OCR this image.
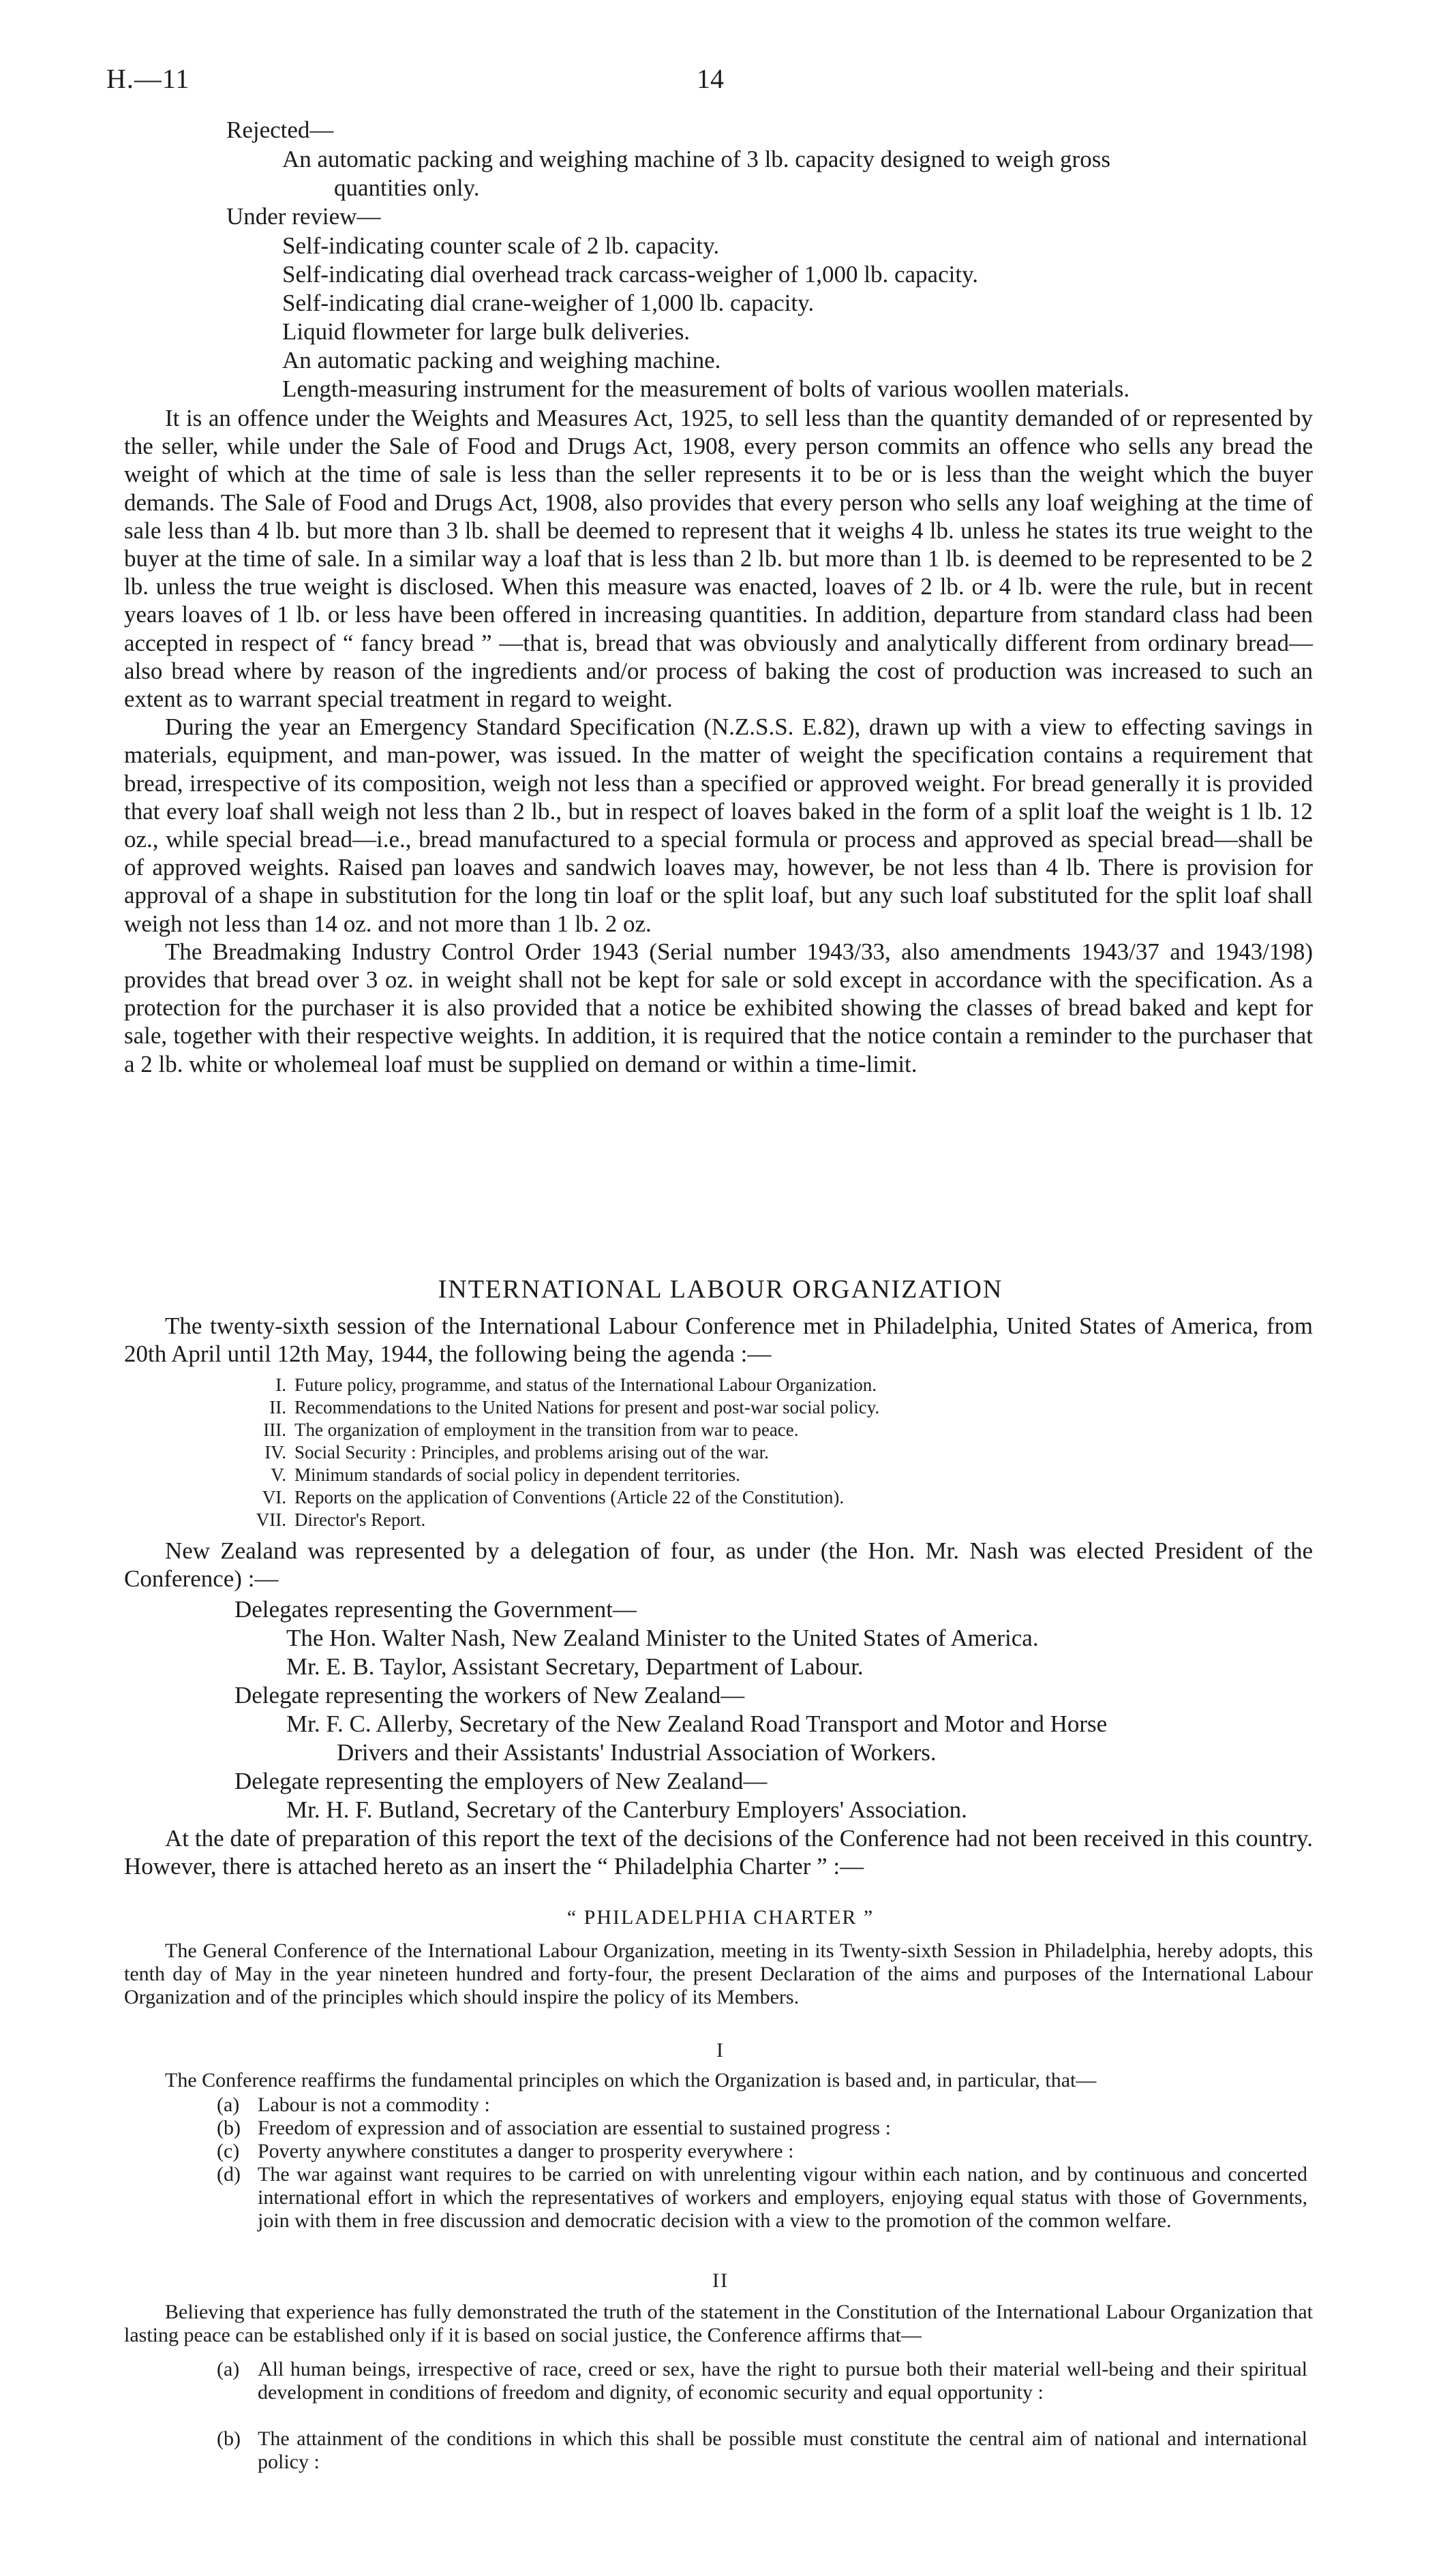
H.—11	14
Rejected—
An automatic packing and weighing machine of 3 lb. capacity designed to weigh gross
quantities only.
Under review—
Self-indicating counter scale of 2 lb. capacity.
Self-indicating dial overhead track carcass-weigher of 1,000 lb. capacity.
Self-indicating dial crane-weigher of 1,000 lb. capacity.
Liquid flowmeter for large bulk deliveries.
An automatic packing and weighing machine.
Length-measuring instrument for the measurement of bolts of various woollen materials.

It is an offence under the Weights and Measures Act, 1925, to sell less than the quantity demanded of or represented by the seller, while under the Sale of Food and Drugs Act, 1908, every person commits an offence who sells any bread the weight of which at the time of sale is less than the seller represents it to be or is less than the weight which the buyer demands. The Sale of Food and Drugs Act, 1908, also provides that every person who sells any loaf weighing at the time of sale less than 4 lb. but more than 3 lb. shall be deemed to represent that it weighs 4 lb. unless he states its true weight to the buyer at the time of sale. In a similar way a loaf that is less than 2 lb. but more than 1 lb. is deemed to be represented to be 2 lb. unless the true weight is disclosed. When this measure was enacted, loaves of 2 lb. or 4 lb. were the rule, but in recent years loaves of 1 lb. or less have been offered in increasing quantities. In addition, departure from standard class had been accepted in respect of “ fancy bread ” —that is, bread that was obviously and analytically different from ordinary bread—also bread where by reason of the ingredients and/or process of baking the cost of production was increased to such an extent as to warrant special treatment in regard to weight.

During the year an Emergency Standard Specification (N.Z.S.S. E.82), drawn up with a view to effecting savings in materials, equipment, and man-power, was issued. In the matter of weight the specification contains a requirement that bread, irrespective of its composition, weigh not less than a specified or approved weight. For bread generally it is provided that every loaf shall weigh not less than 2 lb., but in respect of loaves baked in the form of a split loaf the weight is 1 lb. 12 oz., while special bread—i.e., bread manufactured to a special formula or process and approved as special bread—shall be of approved weights. Raised pan loaves and sandwich loaves may, however, be not less than 4 lb. There is provision for approval of a shape in substitution for the long tin loaf or the split loaf, but any such loaf substituted for the split loaf shall weigh not less than 14 oz. and not more than 1 lb. 2 oz.

The Breadmaking Industry Control Order 1943 (Serial number 1943/33, also amendments 1943/37 and 1943/198) provides that bread over 3 oz. in weight shall not be kept for sale or sold except in accordance with the specification. As a protection for the purchaser it is also provided that a notice be exhibited showing the classes of bread baked and kept for sale, together with their respective weights. In addition, it is required that the notice contain a reminder to the purchaser that a 2 lb. white or wholemeal loaf must be supplied on demand or within a time-limit.

INTERNATIONAL LABOUR ORGANIZATION

The twenty-sixth session of the International Labour Conference met in Philadelphia, United States of America, from 20th April until 12th May, 1944, the following being the agenda :—

I. Future policy, programme, and status of the International Labour Organization.
II. Recommendations to the United Nations for present and post-war social policy.
III. The organization of employment in the transition from war to peace.
IV. Social Security : Principles, and problems arising out of the war.
V. Minimum standards of social policy in dependent territories.
VI. Reports on the application of Conventions (Article 22 of the Constitution).
VII. Director's Report.

New Zealand was represented by a delegation of four, as under (the Hon. Mr. Nash was elected President of the Conference) :—

Delegates representing the Government—
The Hon. Walter Nash, New Zealand Minister to the United States of America.
Mr. E. B. Taylor, Assistant Secretary, Department of Labour.
Delegate representing the workers of New Zealand—
Mr. F. C. Allerby, Secretary of the New Zealand Road Transport and Motor and Horse
Drivers and their Assistants' Industrial Association of Workers.
Delegate representing the employers of New Zealand—
Mr. H. F. Butland, Secretary of the Canterbury Employers' Association.

At the date of preparation of this report the text of the decisions of the Conference had not been received in this country. However, there is attached hereto as an insert the “ Philadelphia Charter ” :—

“ PHILADELPHIA CHARTER ”

The General Conference of the International Labour Organization, meeting in its Twenty-sixth Session in Philadelphia, hereby adopts, this tenth day of May in the year nineteen hundred and forty-four, the present Declaration of the aims and purposes of the International Labour Organization and of the principles which should inspire the policy of its Members.

I

The Conference reaffirms the fundamental principles on which the Organization is based and, in particular, that—

(a) Labour is not a commodity :
(b) Freedom of expression and of association are essential to sustained progress :
(c) Poverty anywhere constitutes a danger to prosperity everywhere :
(d) The war against want requires to be carried on with unrelenting vigour within each nation, and by continuous and concerted international effort in which the representatives of workers and employers, enjoying equal status with those of Governments, join with them in free discussion and democratic decision with a view to the promotion of the common welfare.
II

Believing that experience has fully demonstrated the truth of the statement in the Constitution of the International Labour Organization that lasting peace can be established only if it is based on social justice, the Conference affirms that—

(a) All human beings, irrespective of race, creed or sex, have the right to pursue both their material well-being and their spiritual development in conditions of freedom and dignity, of economic security and equal opportunity :
(b) The attainment of the conditions in which this shall be possible must constitute the central aim of national and international policy :
